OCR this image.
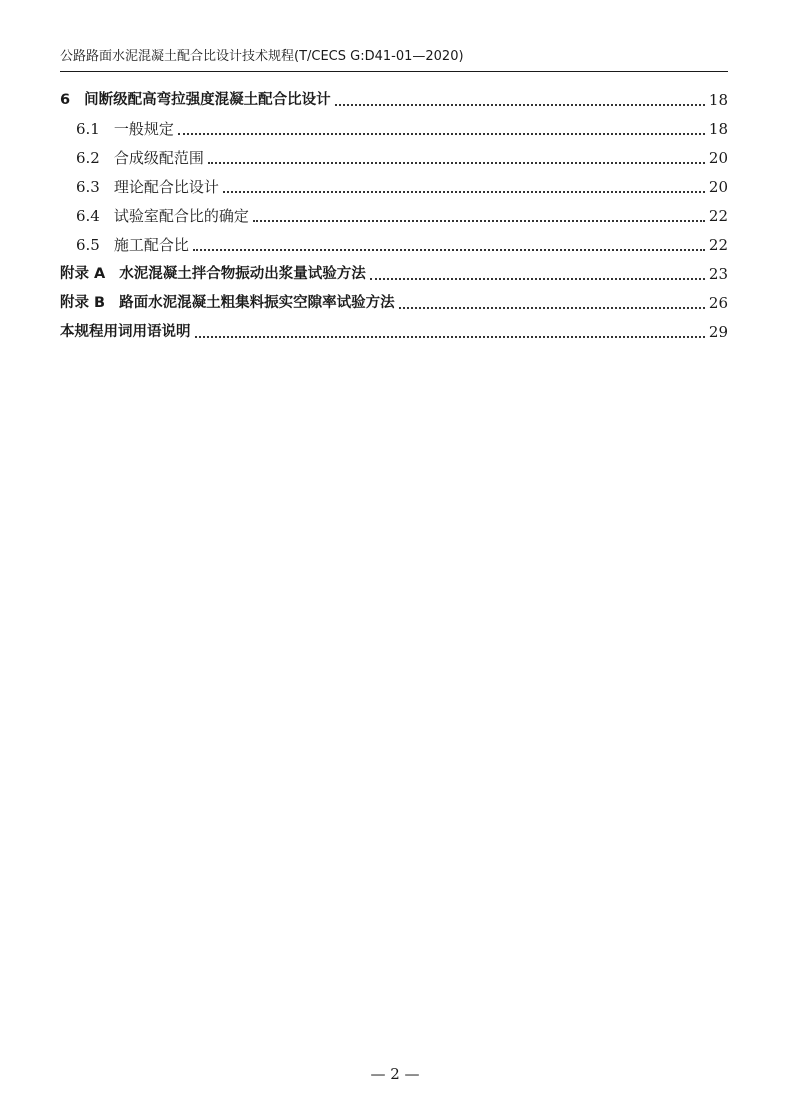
公路路面水泥混凝土配合比设计技术规程(T/CECS G:D41-01—2020)
6 间断级配高弯拉强度混凝土配合比设计	18
6.1 一般规定	18
6.2 合成级配范围	20
6.3 理论配合比设计	20
6.4 试验室配合比的确定	22
6.5 施工配合比	22
附录 A 水泥混凝土拌合物振动出浆量试验方法	23
附录 B 路面水泥混凝土粗集料振实空隙率试验方法	26
本规程用词用语说明	29
— 2 —
